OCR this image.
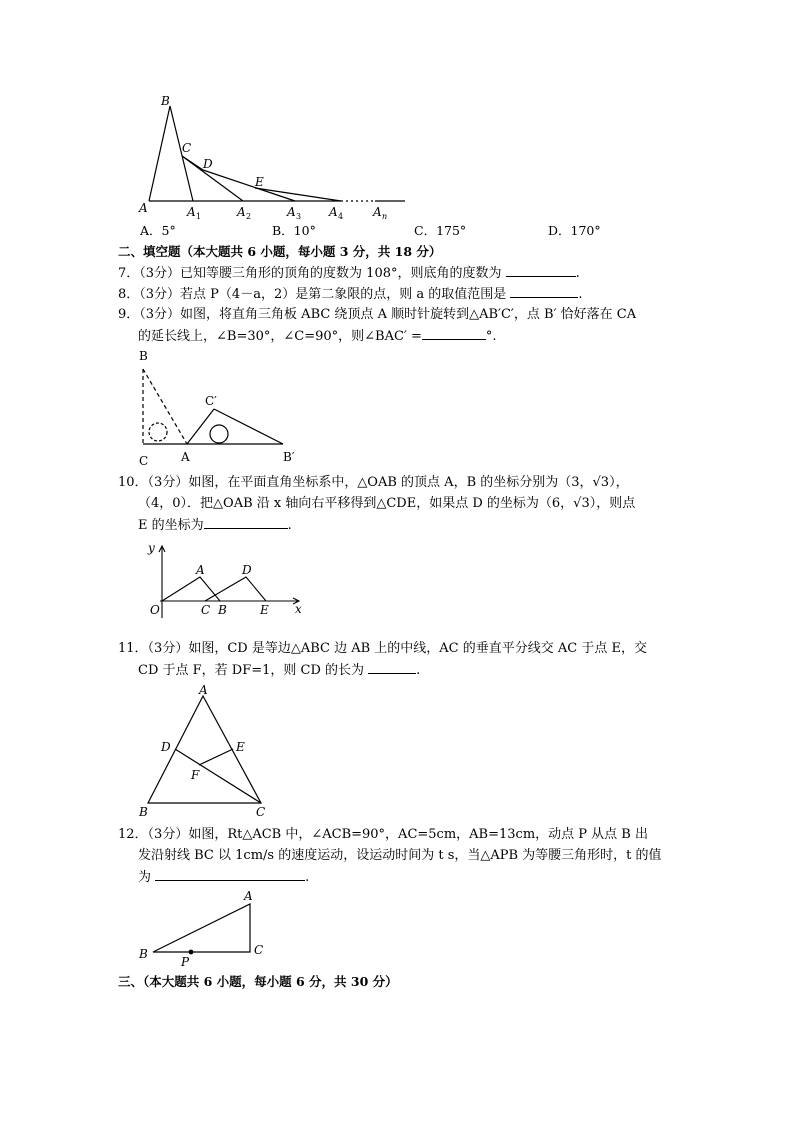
B
C
D
E
A	A 1	A 2	A 3 A 4 A n
A．5°	B．10°	C．175°	D．170°
二、填空题（本大题共 6 小题，每小题 3 分，共 18 分）
7．（3分）已知等腰三角形的顶角的度数为 108°，则底角的度数为	.
8．（3分）若点 P（4－a，2）是第二象限的点，则 a 的取值范围是	.
9．（3分）如图，将直角三角板 ABC 绕顶点 A 顺时针旋转到△AB′C′，点 B′ 恰好落在 CA
的延长线上，∠B=30°，∠C=90°，则∠BAC′ =	°.
B
C	A
C′
B′
10．（3分）如图，在平面直角坐标系中，△OAB 的顶点 A，B 的坐标分别为（3，√3），
（4，0）．把△OAB 沿 x 轴向右平移得到△CDE，如果点 D 的坐标为（6，√3），则点
E 的坐标为	.
y
x
O
A	D
C B	E
11．（3分）如图，CD 是等边△ABC 边 AB 上的中线，AC 的垂直平分线交 AC 于点 E，交
CD 于点 F，若 DF=1，则 CD 的长为	.
A
D	E
F
B	C
12．（3分）如图，Rt△ACB 中，∠ACB=90°，AC=5cm，AB=13cm，动点 P 从点 B 出
发沿射线 BC 以 1cm/s 的速度运动，设运动时间为 t s，当△APB 为等腰三角形时，t 的值
为	.
A
B	C
P
三、（本大题共 6 小题，每小题 6 分，共 30 分）
